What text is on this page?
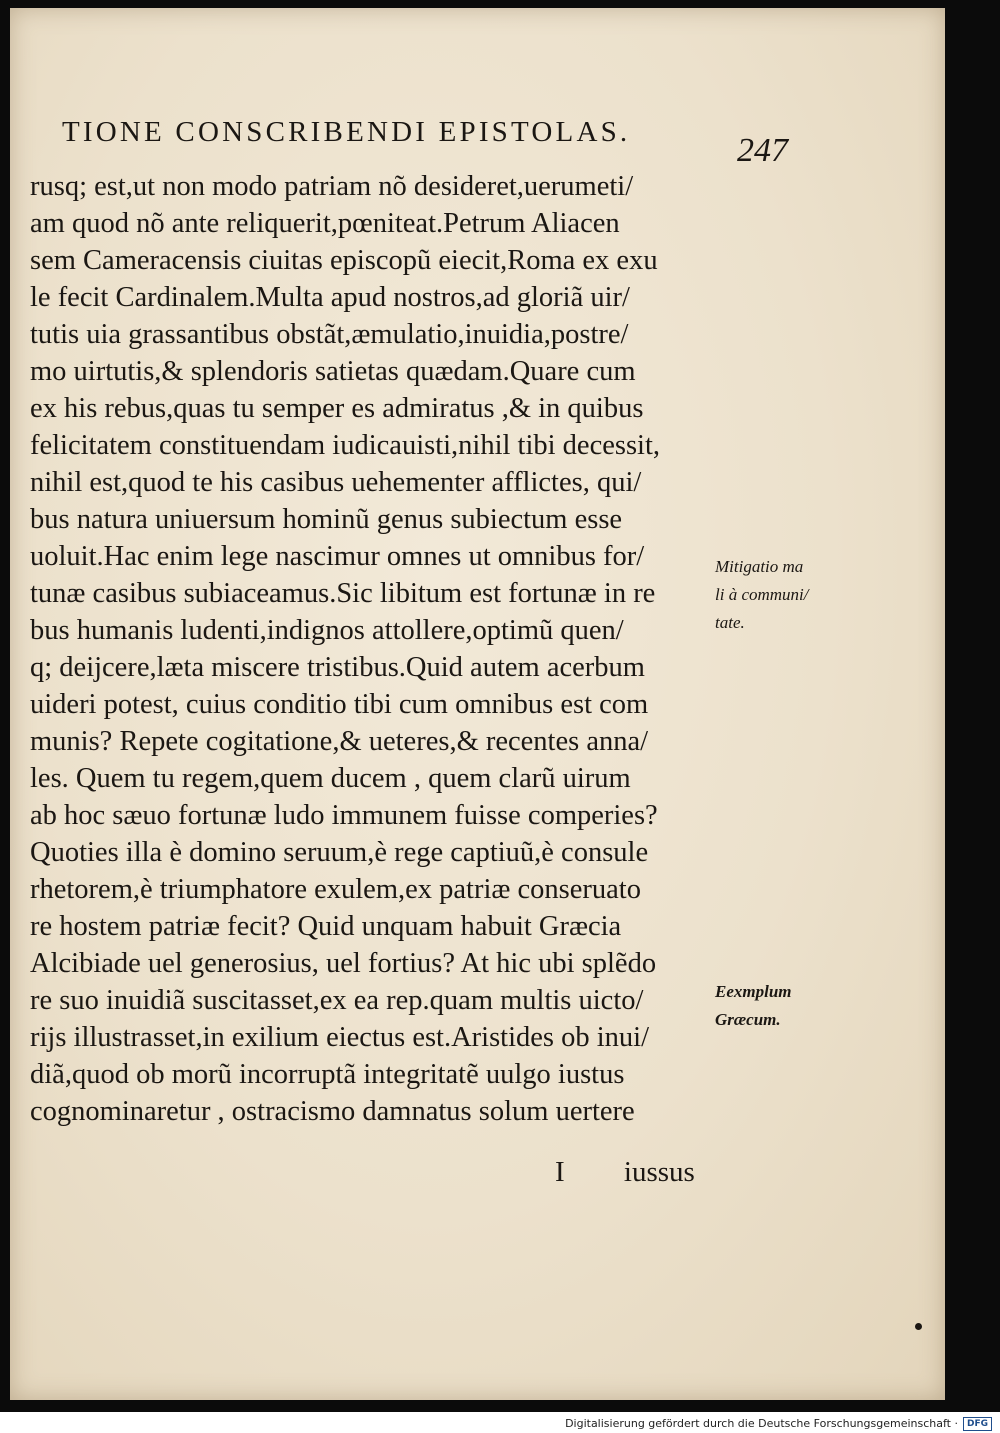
TIONE CONSCRIBENDI EPISTOLAS.	247
rusq; est,ut non modo patriam nõ desideret,uerumeti/
am quod nõ ante reliquerit,pœniteat.Petrum Aliacen
sem Cameracensis ciuitas episcopũ eiecit,Roma ex exu
le fecit Cardinalem.Multa apud nostros,ad gloriã uir/
tutis uia grassantibus obstãt,æmulatio,inuidia,postre/
mo uirtutis,& splendoris satietas quædam.Quare cum
ex his rebus,quas tu semper es admiratus ,& in quibus
felicitatem constituendam iudicauisti,nihil tibi decessit,
nihil est,quod te his casibus uehementer afflictes, qui/
bus natura uniuersum hominũ genus subiectum esse
uoluit.Hac enim lege nascimur omnes ut omnibus for/
tunæ casibus subiaceamus.Sic libitum est fortunæ in re
bus humanis ludenti,indignos attollere,optimũ quen/
q; deijcere,læta miscere tristibus.Quid autem acerbum
uideri potest, cuius conditio tibi cum omnibus est com
munis? Repete cogitatione,& ueteres,& recentes anna/
les. Quem tu regem,quem ducem , quem clarũ uirum
ab hoc sæuo fortunæ ludo immunem fuisse comperies?
Quoties illa è domino seruum,è rege captiuũ,è consule
rhetorem,è triumphatore exulem,ex patriæ conseruato
re hostem patriæ fecit? Quid unquam habuit Græcia
Alcibiade uel generosius, uel fortius? At hic ubi splẽdo
re suo inuidiã suscitasset,ex ea rep.quam multis uicto/
rijs illustrasset,in exilium eiectus est.Aristides ob inui/
diã,quod ob morũ incorruptã integritatẽ uulgo iustus
cognominaretur , ostracismo damnatus solum uertere
Mitigatio ma
li à communi/
tate.
Eexmplum
Græcum.
I iussus
Digitalisierung gefördert durch die Deutsche Forschungsgemeinschaft ·	DFG
